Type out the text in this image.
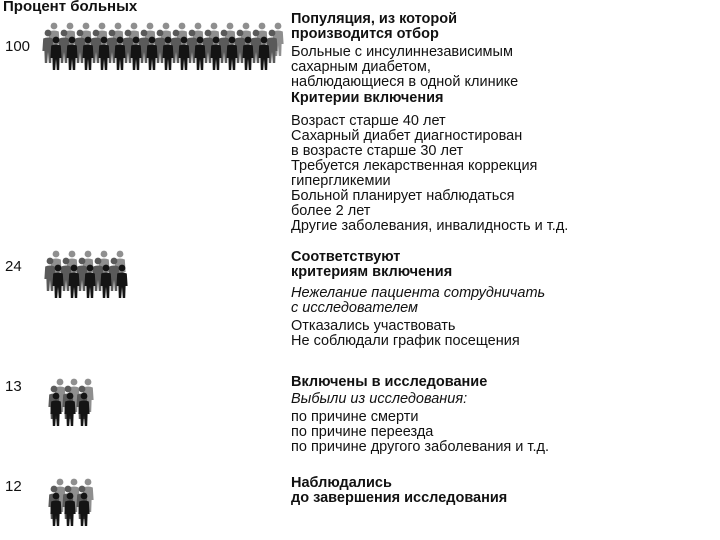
Процент больных
100
Популяция, из которой
производится отбор
Больные с инсулиннезависимым
сахарным диабетом,
наблюдающиеся в одной клинике
Критерии включения
Возраст старше 40 лет
Сахарный диабет диагностирован
в возрасте старше 30 лет
Требуется лекарственная коррекция
гипергликемии
Больной планирует наблюдаться
более 2 лет
Другие заболевания, инвалидность и т.д.
24
Соответствуют
критериям включения
Нежелание пациента сотрудничать
с исследователем
Отказались участвовать
Не соблюдали график посещения
13	Включены в исследование
Выбыли из исследования:
по причине смерти
по причине переезда
по причине другого заболевания и т.д.
12	Наблюдались
до завершения исследования
